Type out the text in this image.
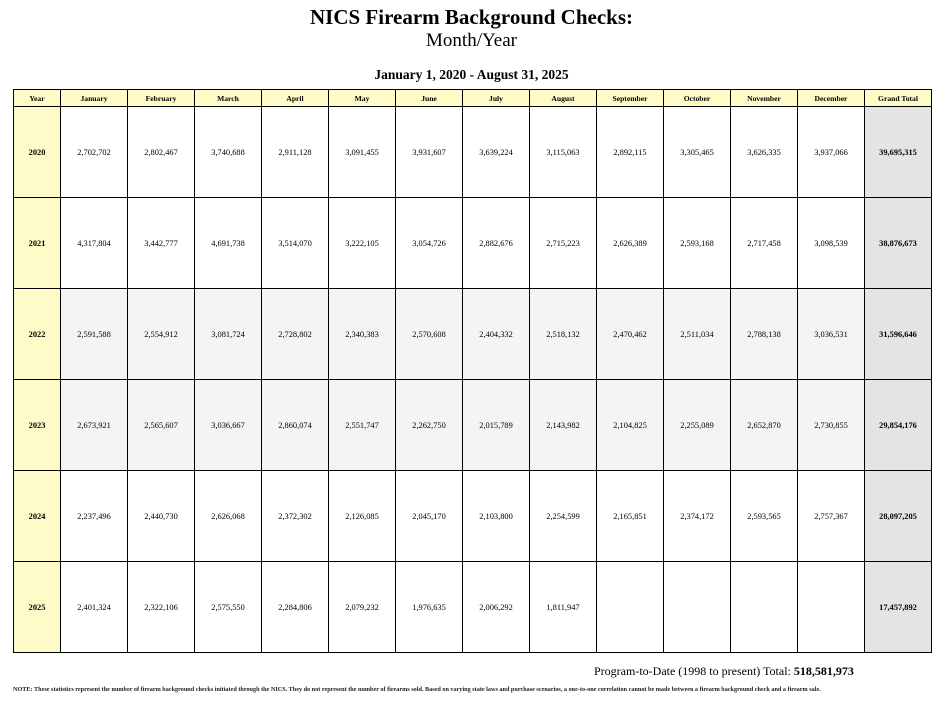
NICS Firearm Background Checks:
Month/Year
January 1, 2020 - August 31, 2025
Year	January	February	March	April	May	June	July	August	September	October	November	December	Grand Total
2020	2,702,702	2,802,467	3,740,688	2,911,128	3,091,455	3,931,607	3,639,224	3,115,063	2,892,115	3,305,465	3,626,335	3,937,066	39,695,315
2021	4,317,804	3,442,777	4,691,738	3,514,070	3,222,105	3,054,726	2,882,676	2,715,223	2,626,389	2,593,168	2,717,458	3,098,539	38,876,673
2022	2,591,588	2,554,912	3,081,724	2,728,802	2,340,383	2,570,608	2,404,332	2,518,132	2,470,462	2,511,034	2,788,138	3,036,531	31,596,646
2023	2,673,921	2,565,607	3,036,667	2,860,074	2,551,747	2,262,750	2,015,789	2,143,982	2,104,825	2,255,089	2,652,870	2,730,855	29,854,176
2024	2,237,496	2,440,730	2,626,068	2,372,302	2,126,085	2,045,170	2,103,800	2,254,599	2,165,851	2,374,172	2,593,565	2,757,367	28,097,205
2025	2,401,324	2,322,106	2,575,550	2,284,806	2,079,232	1,976,635	2,006,292	1,811,947					17,457,892
Program-to-Date (1998 to present) Total: 518,581,973
NOTE: These statistics represent the number of firearm background checks initiated through the NICS. They do not represent the number of firearms sold. Based on varying state laws and purchase scenarios, a one-to-one correlation cannot be made between a firearm background check and a firearm sale.
